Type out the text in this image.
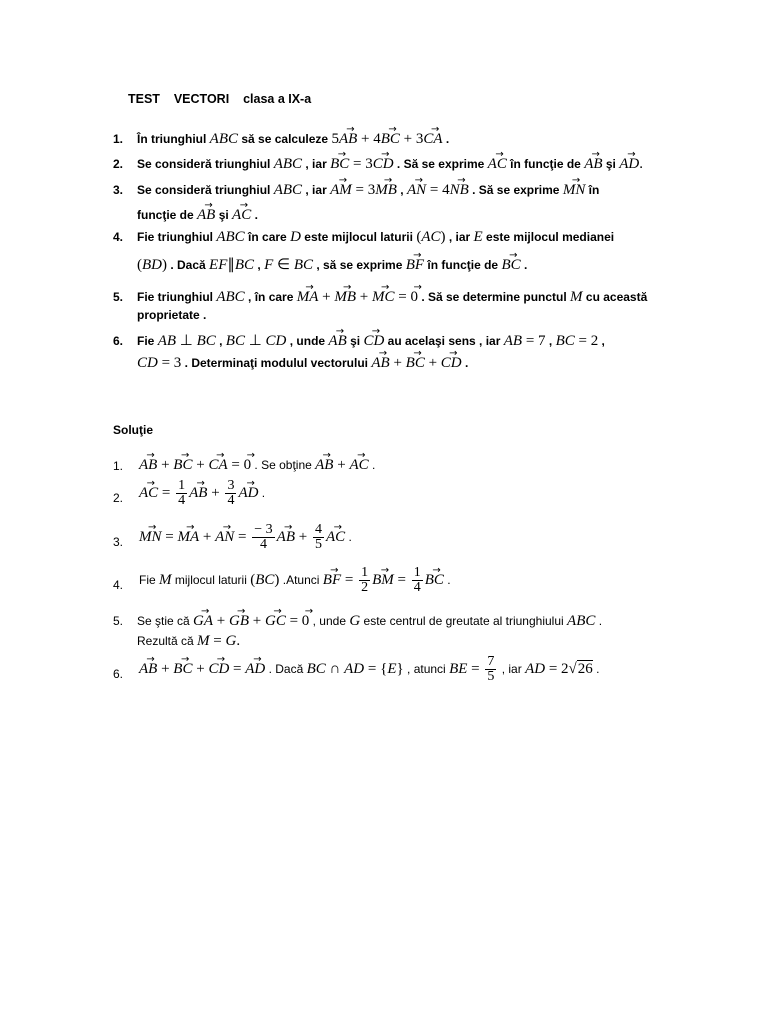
TEST    VECTORI    clasa a IX-a
1. În triunghiul ABC să se calculeze 5→ AB + 4→ BC + 3→ CA .
2. Se consideră triunghiul ABC , iar → BC = 3→ CD . Să se exprime → AC în funcţie de → AB şi → AD.
3. Se consideră triunghiul ABC , iar → AM = 3→ MB , → AN = 4→ NB . Să se exprime → MN în
funcţie de → AB şi → AC .
4. Fie triunghiul ABC în care D este mijlocul laturii (AC) , iar E este mijlocul medianei
(BD) . Dacă EF∥BC , F ∈ BC , să se exprime → BF în funcţie de → BC .
5. Fie triunghiul ABC , în care → MA + → MB + → MC = → 0 . Să se determine punctul M cu această
proprietate .
6. Fie AB ⊥ BC , BC ⊥ CD , unde → AB şi → CD au acelaşi sens , iar AB = 7 , BC = 2 ,
CD = 3 . Determinaţi modulul vectorului → AB + → BC + → CD .
Soluţie
1. → AB + → BC + → CA = → 0 . Se obţine → AB + → AC .
2. → AC = $\frac{1}{4}$ → AB + $\frac{3}{4}$ → AD .
3. → MN = → MA + → AN = $\frac{- 3}{4}$ → AB + $\frac{4}{5}$ → AC .
4. Fie M mijlocul laturii (BC) .Atunci → BF = $\frac{1}{2}$ → BM = $\frac{1}{4}$ → BC .
5. Se ştie că → GA + → GB + → GC = → 0 , unde G este centrul de greutate al triunghiului ABC .
Rezultă că M = G.
6. → AB + → BC + → CD = → AD . Dacă BC ∩ AD = {E} , atunci BE = $\frac{7}{5}$ , iar AD = 2√26 .
